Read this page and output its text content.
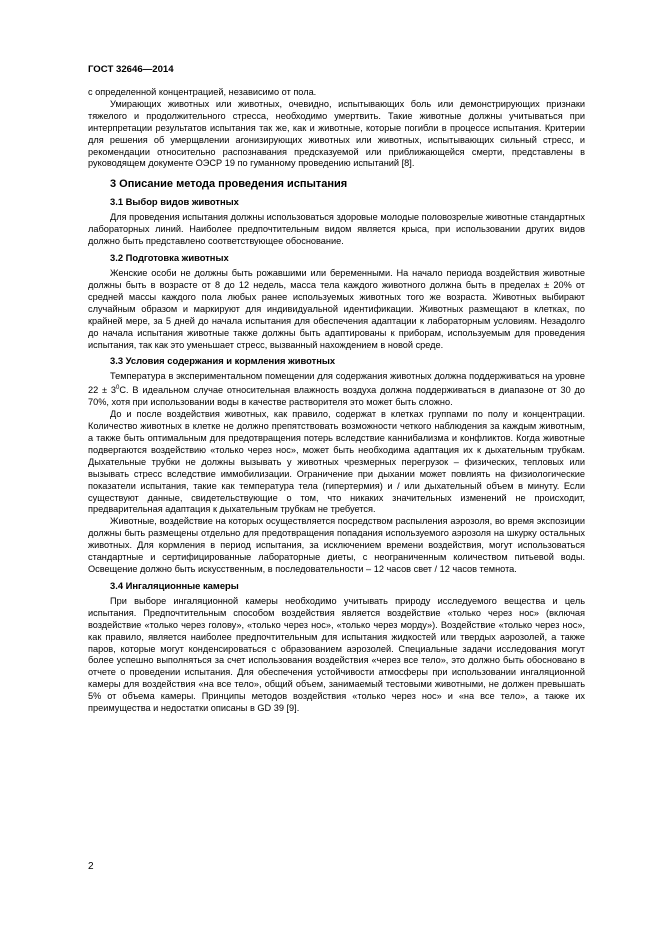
ГОСТ 32646—2014

с определенной концентрацией, независимо от пола.

Умирающих животных или животных, очевидно, испытывающих боль или демонстрирующих признаки тяжелого и продолжительного стресса, необходимо умертвить. Такие животные должны учитываться при интерпретации результатов испытания так же, как и животные, которые погибли в процессе испытания. Критерии для решения об умерщвлении агонизирующих животных или животных, испытывающих сильный стресс, и рекомендации относительно распознавания предсказуемой или приближающейся смерти, представлены в руководящем документе ОЭСР 19 по гуманному проведению испытаний [8].

3 Описание метода проведения испытания
3.1 Выбор видов животных

Для проведения испытания должны использоваться здоровые молодые половозрелые животные стандартных лабораторных линий. Наиболее предпочтительным видом является крыса, при использовании других видов должно быть представлено соответствующее обоснование.

3.2 Подготовка животных

Женские особи не должны быть рожавшими или беременными. На начало периода воздействия животные должны быть в возрасте от 8 до 12 недель, масса тела каждого животного должна быть в пределах ± 20% от средней массы каждого пола любых ранее используемых животных того же возраста. Животных выбирают случайным образом и маркируют для индивидуальной идентификации. Животных размещают в клетках, по крайней мере, за 5 дней до начала испытания для обеспечения адаптации к лабораторным условиям. Незадолго до начала испытания животные также должны быть адаптированы к приборам, используемым для проведения испытания, так как это уменьшает стресс, вызванный нахождением в новой среде.

3.3 Условия содержания и кормления животных

Температура в экспериментальном помещении для содержания животных должна поддерживаться на уровне $22 \pm 3^0С$. В идеальном случае относительная влажность воздуха должна поддерживаться в диапазоне от 30 до 70%, хотя при использовании воды в качестве растворителя это может быть сложно.

До и после воздействия животных, как правило, содержат в клетках группами по полу и концентрации. Количество животных в клетке не должно препятствовать возможности четкого наблюдения за каждым животным, а также быть оптимальным для предотвращения потерь вследствие каннибализма и конфликтов. Когда животные подвергаются воздействию «только через нос», может быть необходима адаптация их к дыхательным трубкам. Дыхательные трубки не должны вызывать у животных чрезмерных перегрузок – физических, тепловых или вызывать стресс вследствие иммобилизации. Ограничение при дыхании может повлиять на физиологические показатели испытания, такие как температура тела (гипертермия) и / или дыхательный объем в минуту. Если существуют данные, свидетельствующие о том, что никаких значительных изменений не происходит, предварительная адаптация к дыхательным трубкам не требуется.

Животные, воздействие на которых осуществляется посредством распыления аэрозоля, во время экспозиции должны быть размещены отдельно для предотвращения попадания используемого аэрозоля на шкурку остальных животных. Для кормления в период испытания, за исключением времени воздействия, могут использоваться стандартные и сертифицированные лабораторные диеты, с неограниченным количеством питьевой воды. Освещение должно быть искусственным, в последовательности – 12 часов свет / 12 часов темнота.

3.4 Ингаляционные камеры

При выборе ингаляционной камеры необходимо учитывать природу исследуемого вещества и цель испытания. Предпочтительным способом воздействия является воздействие «только через нос» (включая воздействие «только через голову», «только через нос», «только через морду»). Воздействие «только через нос», как правило, является наиболее предпочтительным для испытания жидкостей или твердых аэрозолей, а также паров, которые могут конденсироваться с образованием аэрозолей. Специальные задачи исследования могут более успешно выполняться за счет использования воздействия «через все тело», это должно быть обосновано в отчете о проведении испытания. Для обеспечения устойчивости атмосферы при использовании ингаляционной камеры для воздействия «на все тело», общий объем, занимаемый тестовыми животными, не должен превышать 5% от объема камеры. Принципы методов воздействия «только через нос» и «на все тело», а также их преимущества и недостатки описаны в GD 39 [9].

2
